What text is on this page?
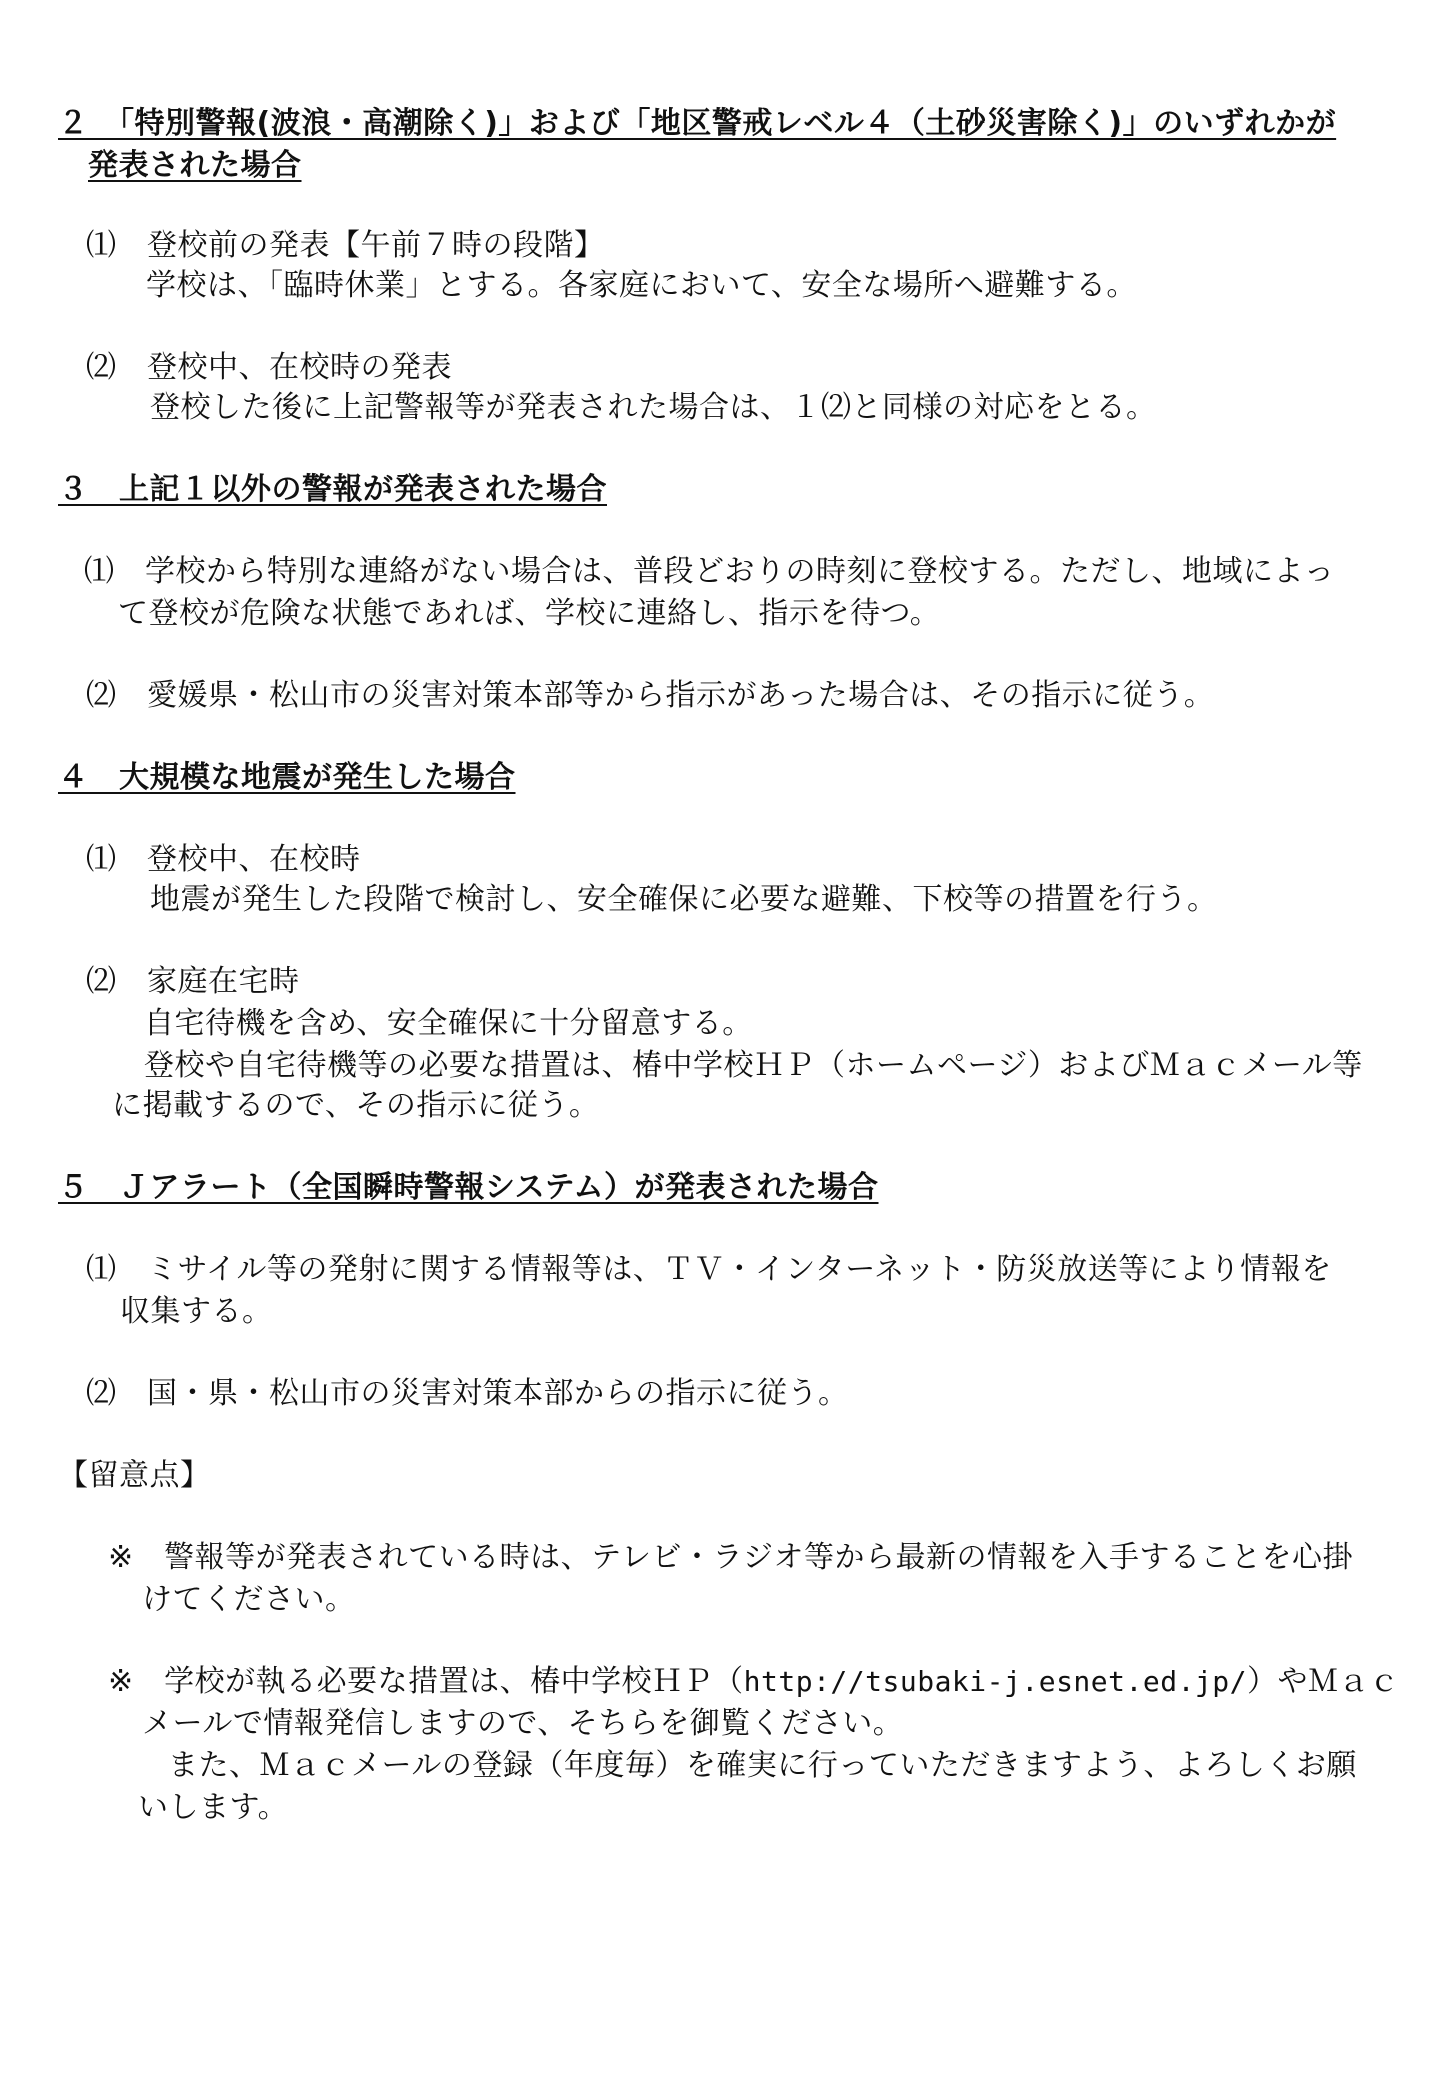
２　「特別警報(波浪・高潮除く)」および「地区警戒レベル４（土砂災害除く)」のいずれかが
発表された場合
⑴　登校前の発表【午前７時の段階】
学校は、「臨時休業」とする。各家庭において、安全な場所へ避難する。
⑵　登校中、在校時の発表
登校した後に上記警報等が発表された場合は、１⑵と同様の対応をとる。
３　上記１以外の警報が発表された場合
⑴　学校から特別な連絡がない場合は、普段どおりの時刻に登校する。ただし、地域によっ
て登校が危険な状態であれば、学校に連絡し、指示を待つ。
⑵　愛媛県・松山市の災害対策本部等から指示があった場合は、その指示に従う。
４　大規模な地震が発生した場合
⑴　登校中、在校時
地震が発生した段階で検討し、安全確保に必要な避難、下校等の措置を行う。
⑵　家庭在宅時
自宅待機を含め、安全確保に十分留意する。
登校や自宅待機等の必要な措置は、椿中学校ＨＰ（ホームページ）およびＭａｃメール等
に掲載するので、その指示に従う。
５　Ｊアラート（全国瞬時警報システム）が発表された場合
⑴　ミサイル等の発射に関する情報等は、ＴＶ・インターネット・防災放送等により情報を
収集する。
⑵　国・県・松山市の災害対策本部からの指示に従う。
【留意点】
※　警報等が発表されている時は、テレビ・ラジオ等から最新の情報を入手することを心掛
けてください。
※　学校が執る必要な措置は、椿中学校ＨＰ（http://tsubaki-j.esnet.ed.jp/）やＭａｃ
メールで情報発信しますので、そちらを御覧ください。
また、Ｍａｃメールの登録（年度毎）を確実に行っていただきますよう、よろしくお願
いします。
